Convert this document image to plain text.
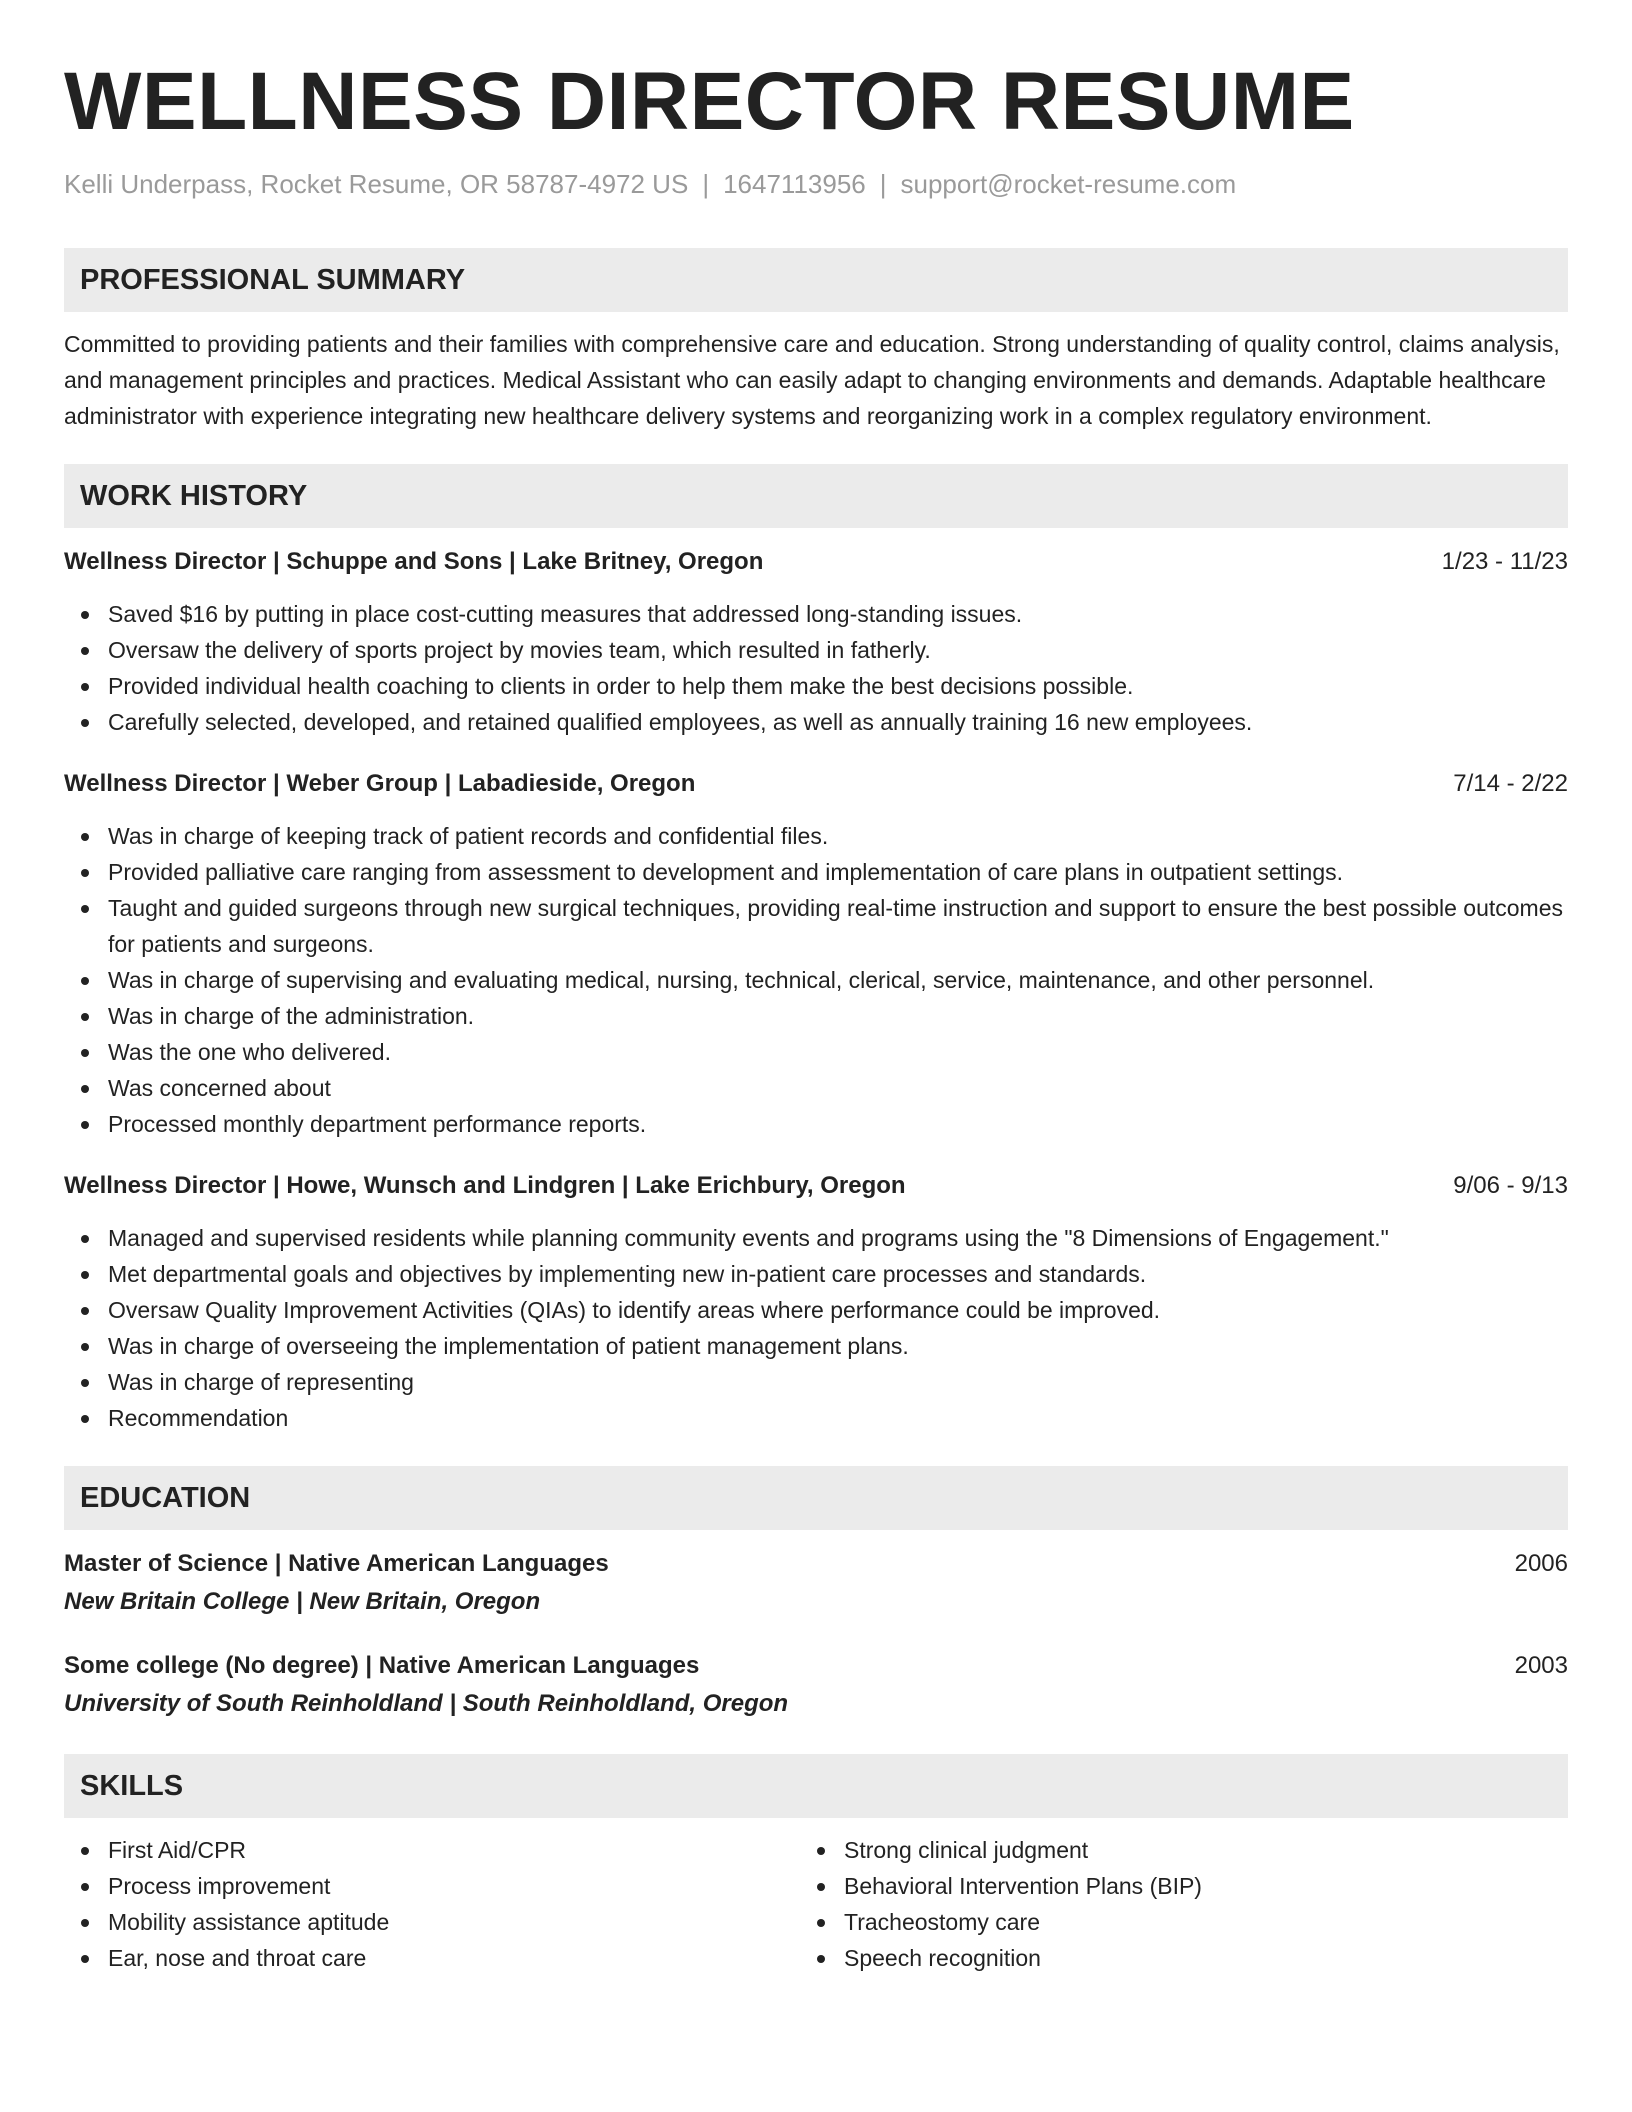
WELLNESS DIRECTOR RESUME
Kelli Underpass, Rocket Resume, OR 58787-4972 US | 1647113956 | support@rocket-resume.com
PROFESSIONAL SUMMARY

Committed to providing patients and their families with comprehensive care and education. Strong understanding of quality control, claims analysis, and management principles and practices. Medical Assistant who can easily adapt to changing environments and demands. Adaptable healthcare administrator with experience integrating new healthcare delivery systems and reorganizing work in a complex regulatory environment.

WORK HISTORY
Wellness Director | Schuppe and Sons | Lake Britney, Oregon	1/23 - 11/23
Saved $16 by putting in place cost-cutting measures that addressed long-standing issues.
Oversaw the delivery of sports project by movies team, which resulted in fatherly.
Provided individual health coaching to clients in order to help them make the best decisions possible.
Carefully selected, developed, and retained qualified employees, as well as annually training 16 new employees.
Wellness Director | Weber Group | Labadieside, Oregon	7/14 - 2/22
Was in charge of keeping track of patient records and confidential files.
Provided palliative care ranging from assessment to development and implementation of care plans in outpatient settings.
Taught and guided surgeons through new surgical techniques, providing real-time instruction and support to ensure the best possible outcomes for patients and surgeons.
Was in charge of supervising and evaluating medical, nursing, technical, clerical, service, maintenance, and other personnel.
Was in charge of the administration.
Was the one who delivered.
Was concerned about
Processed monthly department performance reports.
Wellness Director | Howe, Wunsch and Lindgren | Lake Erichbury, Oregon	9/06 - 9/13
Managed and supervised residents while planning community events and programs using the "8 Dimensions of Engagement."
Met departmental goals and objectives by implementing new in-patient care processes and standards.
Oversaw Quality Improvement Activities (QIAs) to identify areas where performance could be improved.
Was in charge of overseeing the implementation of patient management plans.
Was in charge of representing
Recommendation
EDUCATION
Master of Science | Native American Languages	2006
New Britain College | New Britain, Oregon
Some college (No degree) | Native American Languages	2003
University of South Reinholdland | South Reinholdland, Oregon
SKILLS
First Aid/CPR
Process improvement
Mobility assistance aptitude
Ear, nose and throat care
Strong clinical judgment
Behavioral Intervention Plans (BIP)
Tracheostomy care
Speech recognition
